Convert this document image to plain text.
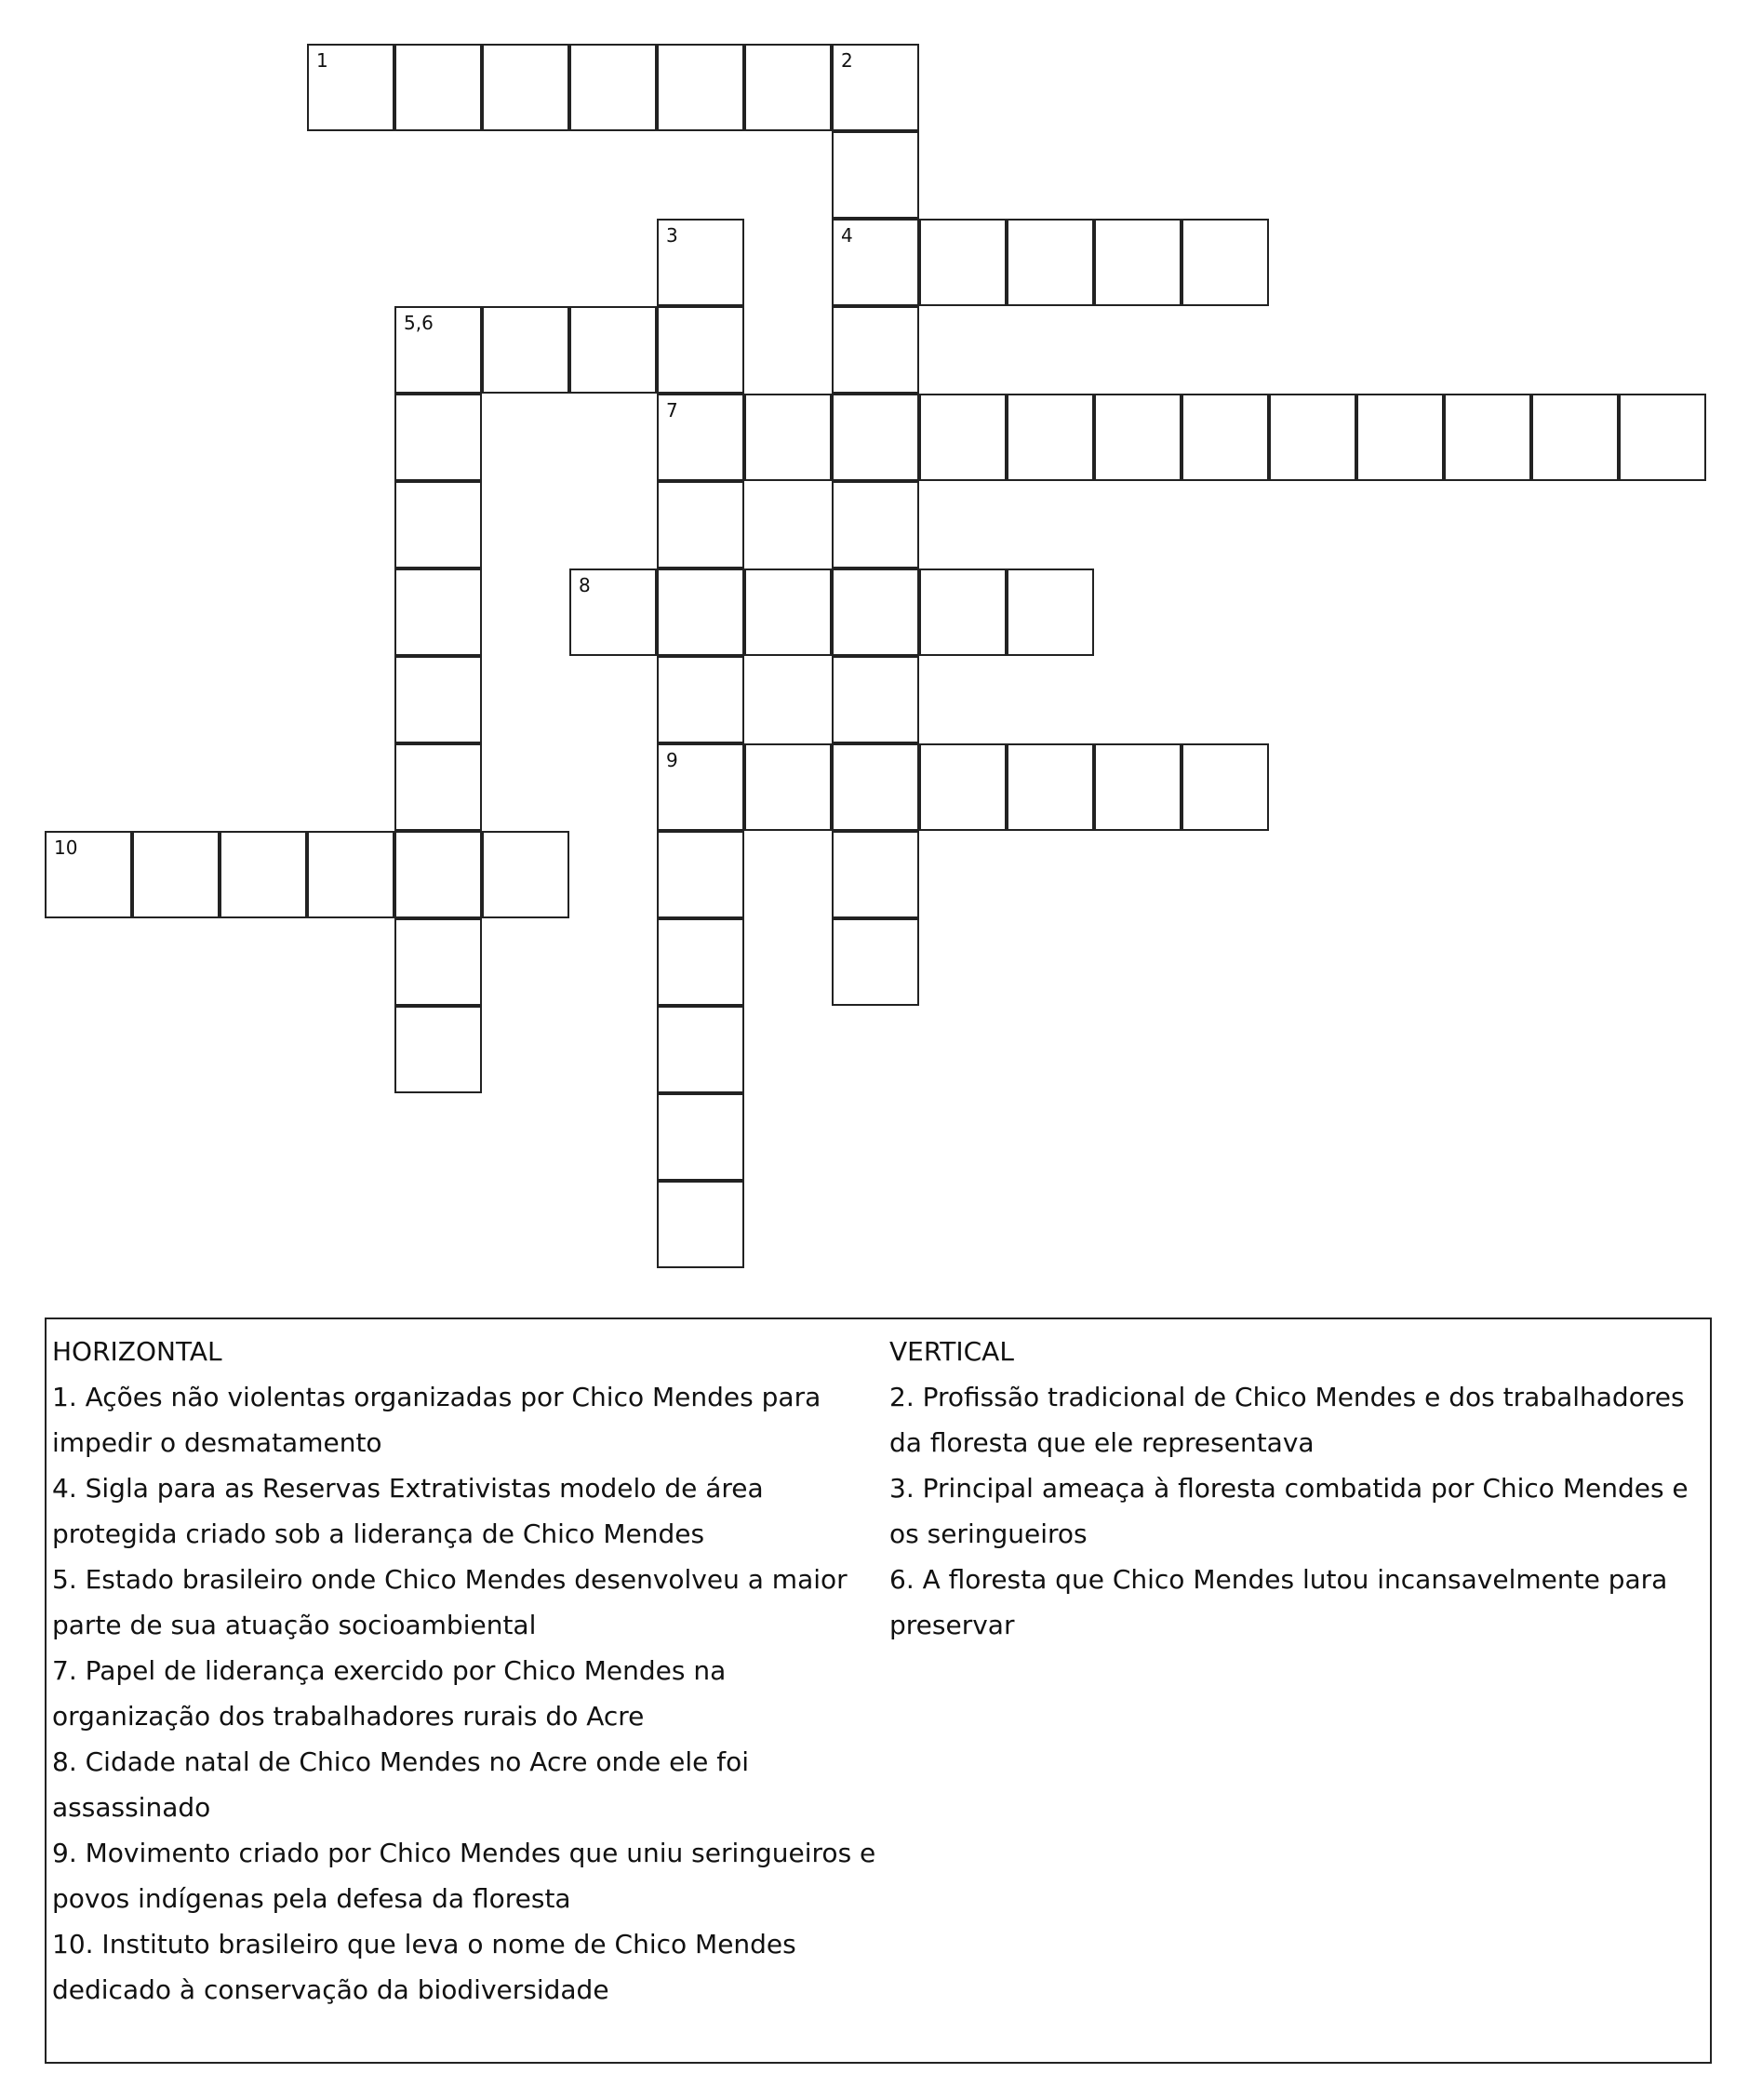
1	2
3	4
5,6
7
8
9
10

HORIZONTAL

1. Ações não violentas organizadas por Chico Mendes para impedir o desmatamento

4. Sigla para as Reservas Extrativistas modelo de área protegida criado sob a liderança de Chico Mendes

5. Estado brasileiro onde Chico Mendes desenvolveu a maior parte de sua atuação socioambiental

7. Papel de liderança exercido por Chico Mendes na organização dos trabalhadores rurais do Acre

8. Cidade natal de Chico Mendes no Acre onde ele foi assassinado

9. Movimento criado por Chico Mendes que uniu seringueiros e povos indígenas pela defesa da floresta

10. Instituto brasileiro que leva o nome de Chico Mendes dedicado à conservação da biodiversidade

VERTICAL

2. Profissão tradicional de Chico Mendes e dos trabalhadores da floresta que ele representava

3. Principal ameaça à floresta combatida por Chico Mendes e os seringueiros

6. A floresta que Chico Mendes lutou incansavelmente para preservar
